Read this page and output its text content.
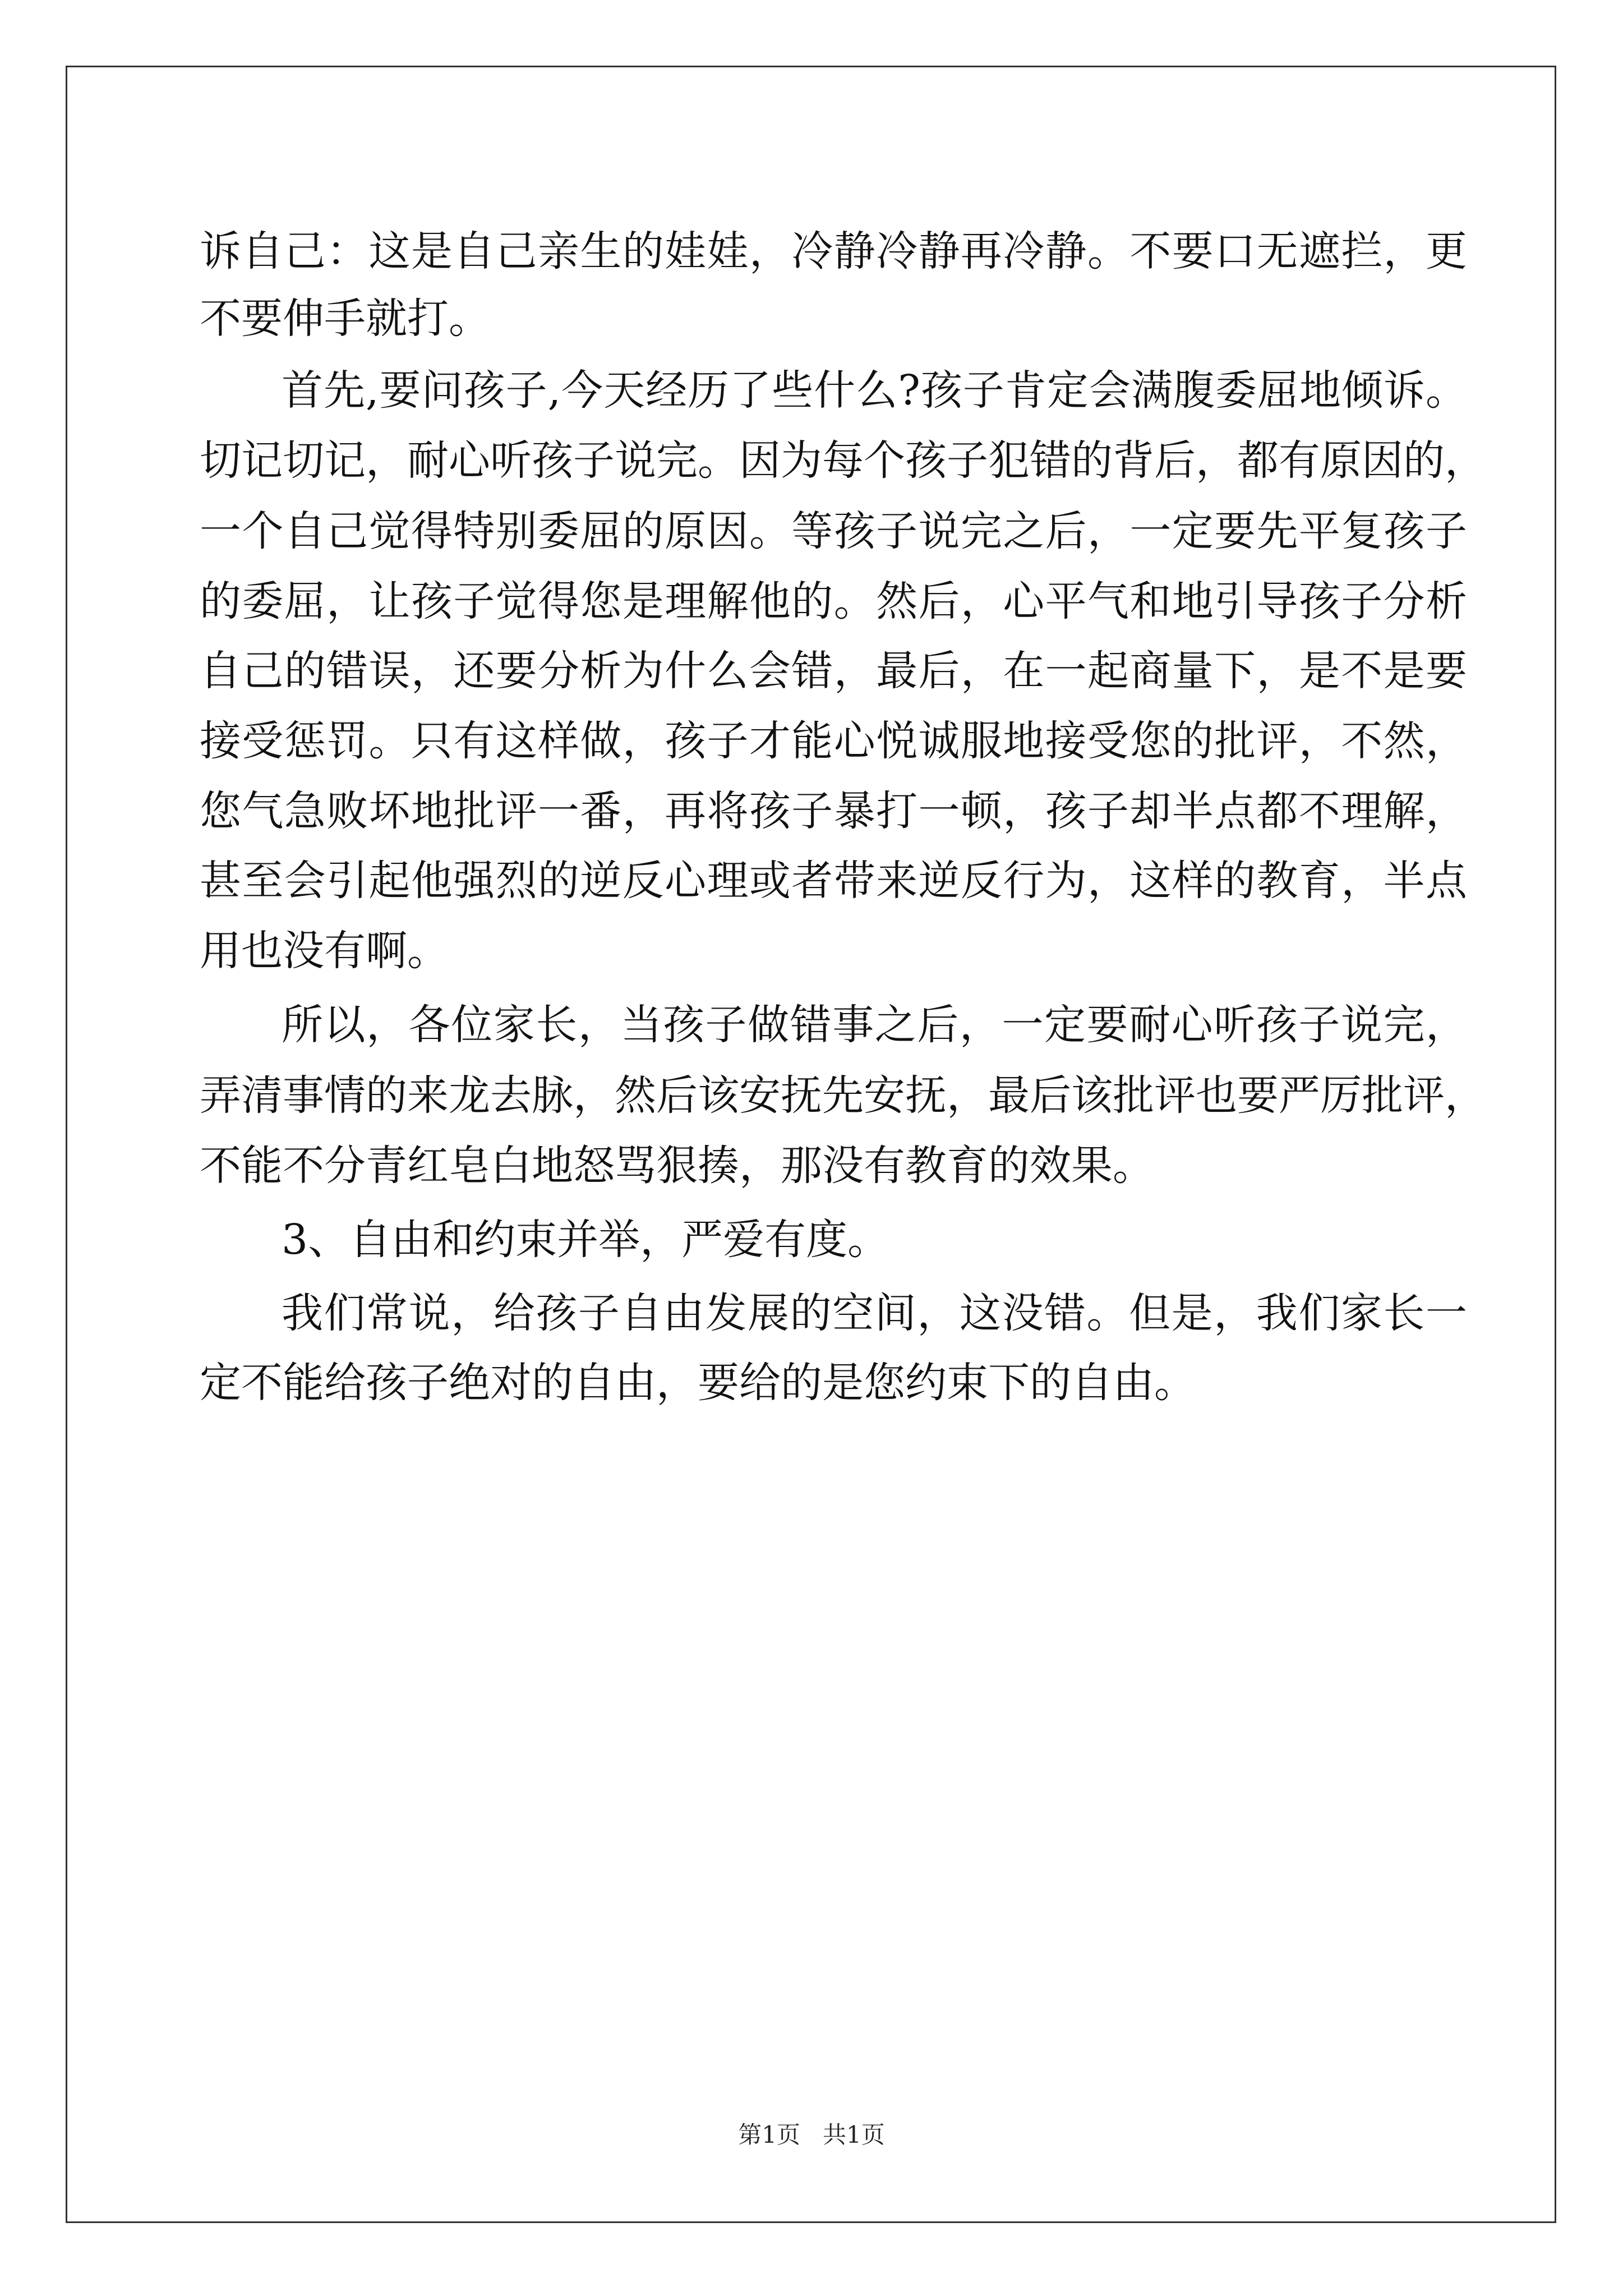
诉自己：这是自己亲生的娃娃，冷静冷静再冷静。不要口无遮拦，更
不要伸手就打。
首先,要问孩子,今天经历了些什么?孩子肯定会满腹委屈地倾诉。
切记切记，耐心听孩子说完。因为每个孩子犯错的背后，都有原因的，
一个自己觉得特别委屈的原因。等孩子说完之后，一定要先平复孩子
的委屈，让孩子觉得您是理解他的。然后，心平气和地引导孩子分析
自己的错误，还要分析为什么会错，最后，在一起商量下，是不是要
接受惩罚。只有这样做，孩子才能心悦诚服地接受您的批评，不然，
您气急败坏地批评一番，再将孩子暴打一顿，孩子却半点都不理解，
甚至会引起他强烈的逆反心理或者带来逆反行为，这样的教育，半点
用也没有啊。
所以，各位家长，当孩子做错事之后，一定要耐心听孩子说完，
弄清事情的来龙去脉，然后该安抚先安抚，最后该批评也要严厉批评，
不能不分青红皂白地怒骂狠揍，那没有教育的效果。
3、自由和约束并举，严爱有度。
我们常说，给孩子自由发展的空间，这没错。但是，我们家长一
定不能给孩子绝对的自由，要给的是您约束下的自由。
第1页   共1页
